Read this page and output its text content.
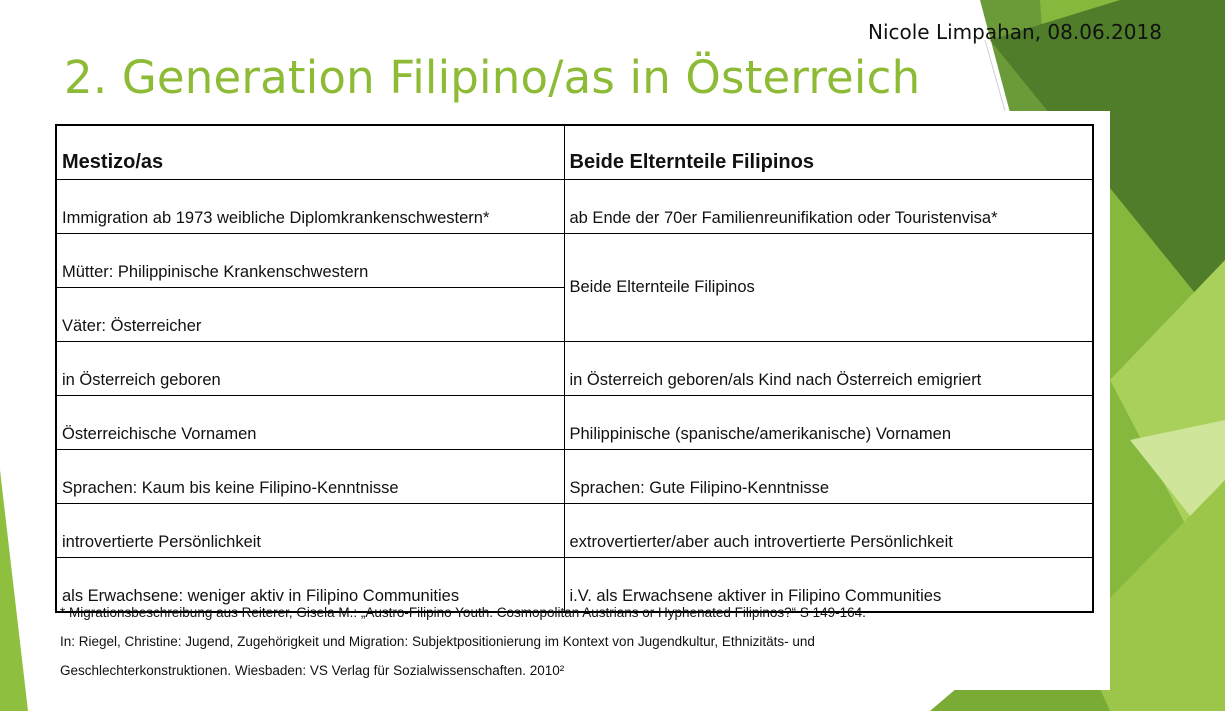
Nicole Limpahan, 08.06.2018
2. Generation Filipino/as in Österreich
Mestizo/as	Beide Elternteile Filipinos
Immigration ab 1973 weibliche Diplomkrankenschwestern*	ab Ende der 70er Familienreunifikation oder Touristenvisa*
Mütter: Philippinische Krankenschwestern	Beide Elternteile Filipinos
Väter: Österreicher	
in Österreich geboren	in Österreich geboren/als Kind nach Österreich emigriert
Österreichische Vornamen	Philippinische (spanische/amerikanische) Vornamen
Sprachen: Kaum bis keine Filipino-Kenntnisse	Sprachen: Gute Filipino-Kenntnisse
introvertierte Persönlichkeit	extrovertierter/aber auch introvertierte Persönlichkeit
als Erwachsene: weniger aktiv in Filipino Communities	i.V. als Erwachsene aktiver in Filipino Communities
* Migrationsbeschreibung aus Reiterer, Gisela M.: „Austro-Filipino Youth. Cosmopolitan Austrians or Hyphenated Filipinos?“ S 149-164.
In: Riegel, Christine: Jugend, Zugehörigkeit und Migration: Subjektpositionierung im Kontext von Jugendkultur, Ethnizitäts- und
Geschlechterkonstruktionen. Wiesbaden: VS Verlag für Sozialwissenschaften. 2010²
